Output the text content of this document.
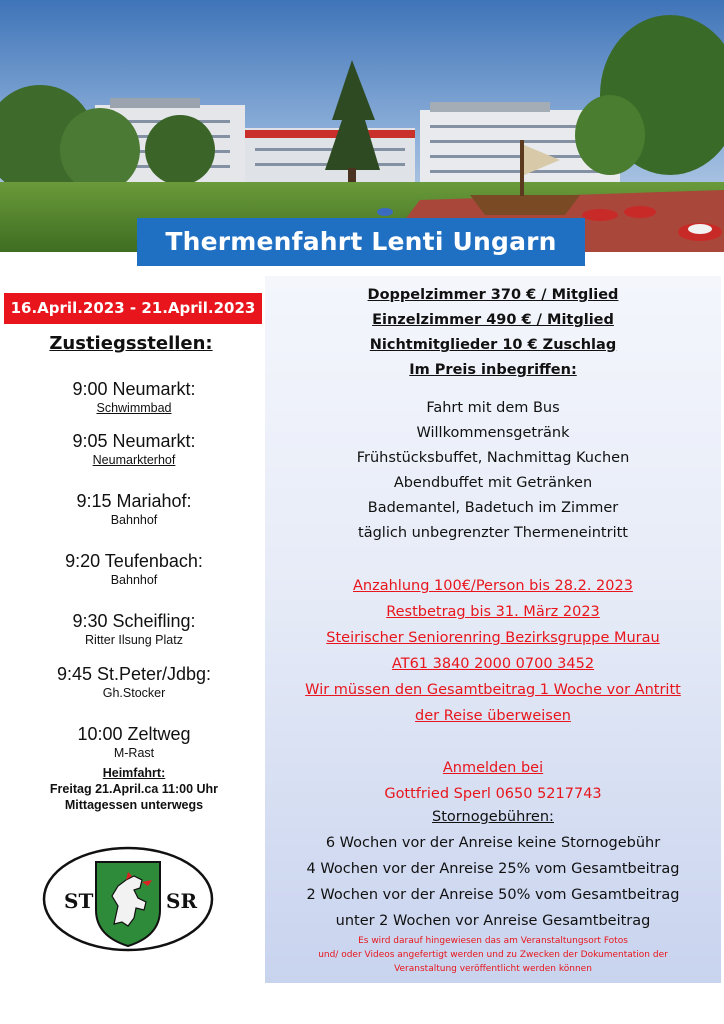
Thermenfahrt Lenti Ungarn
16.April.2023 - 21.April.2023
Zustiegsstellen:
9:00 Neumarkt:
Schwimmbad
9:05 Neumarkt:
Neumarkterhof
9:15 Mariahof:
Bahnhof
9:20 Teufenbach:
Bahnhof
9:30 Scheifling:
Ritter Ilsung Platz
9:45 St.Peter/Jdbg:
Gh.Stocker
10:00 Zeltweg
M-Rast
Heimfahrt:
Freitag 21.April.ca 11:00 Uhr
Mittagessen unterwegs
ST	SR
Doppelzimmer 370 € / Mitglied
Einzelzimmer 490 € / Mitglied
Nichtmitglieder 10 € Zuschlag
Im Preis inbegriffen:
Fahrt mit dem Bus
Willkommensgetränk
Frühstücksbuffet, Nachmittag Kuchen
Abendbuffet mit Getränken
Bademantel, Badetuch im Zimmer
täglich unbegrenzter Thermeneintritt
Anzahlung 100€/Person bis 28.2. 2023
Restbetrag bis 31. März 2023
Steirischer Seniorenring Bezirksgruppe Murau
AT61 3840 2000 0700 3452
Wir müssen den Gesamtbeitrag 1 Woche vor Antritt
der Reise überweisen
Anmelden bei
Gottfried Sperl 0650 5217743
Stornogebühren:
6 Wochen vor der Anreise keine Stornogebühr
4 Wochen vor der Anreise 25% vom Gesamtbeitrag
2 Wochen vor der Anreise 50% vom Gesamtbeitrag
unter 2 Wochen vor Anreise Gesamtbeitrag
Es wird darauf hingewiesen das am Veranstaltungsort Fotos
und/ oder Videos angefertigt werden und zu Zwecken der Dokumentation der
Veranstaltung veröffentlicht werden können
